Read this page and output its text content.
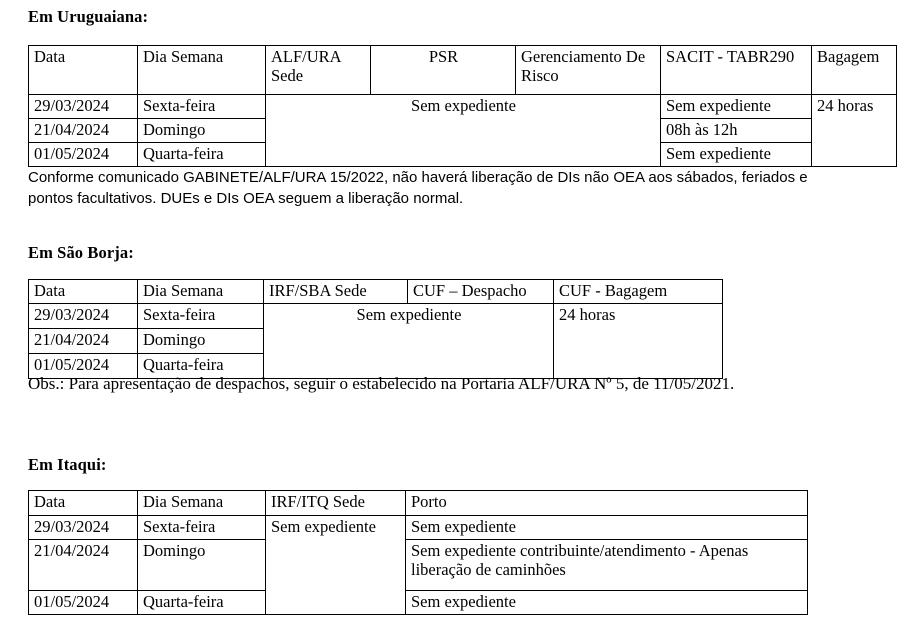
Em Uruguaiana:
Data	Dia Semana	ALF/URA Sede	PSR	Gerenciamento De Risco	SACIT - TABR290	Bagagem
29/03/2024	Sexta-feira	Sem expediente			Sem expediente	24 horas
21/04/2024	Domingo				08h às 12h	
01/05/2024	Quarta-feira				Sem expediente	

Conforme comunicado GABINETE/ALF/URA 15/2022, não haverá liberação de DIs não OEA aos sábados, feriados e pontos facultativos. DUEs e DIs OEA seguem a liberação normal.

Em São Borja:
Data	Dia Semana	IRF/SBA Sede	CUF – Despacho	CUF - Bagagem
29/03/2024	Sexta-feira	Sem expediente		24 horas
21/04/2024	Domingo			
01/05/2024	Quarta-feira			

Obs.: Para apresentação de despachos, seguir o estabelecido na Portaria ALF/URA Nº 5, de 11/05/2021.

Em Itaqui:
Data	Dia Semana	IRF/ITQ Sede	Porto
29/03/2024	Sexta-feira	Sem expediente	Sem expediente
21/04/2024	Domingo		Sem expediente contribuinte/atendimento - Apenas liberação de caminhões
01/05/2024	Quarta-feira		Sem expediente
